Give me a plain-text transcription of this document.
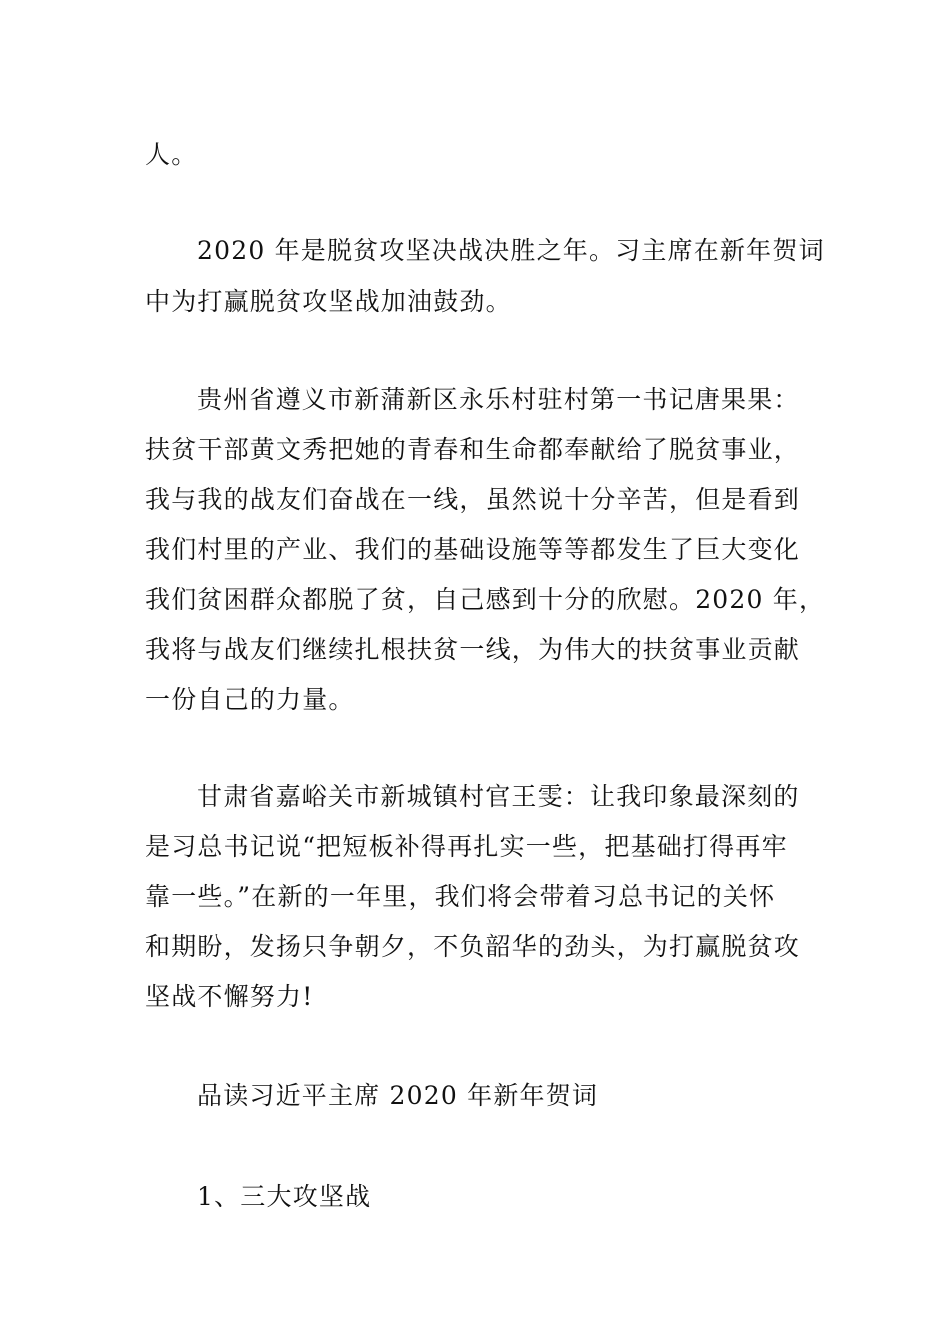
人。
2020 年是脱贫攻坚决战决胜之年。习主席在新年贺词
中为打赢脱贫攻坚战加油鼓劲。
贵州省遵义市新蒲新区永乐村驻村第一书记唐果果：
扶贫干部黄文秀把她的青春和生命都奉献给了脱贫事业，
我与我的战友们奋战在一线，虽然说十分辛苦，但是看到
我们村里的产业、我们的基础设施等等都发生了巨大变化
我们贫困群众都脱了贫，自己感到十分的欣慰。2020 年，
我将与战友们继续扎根扶贫一线，为伟大的扶贫事业贡献
一份自己的力量。
甘肃省嘉峪关市新城镇村官王雯：让我印象最深刻的
是习总书记说“把短板补得再扎实一些，把基础打得再牢
靠一些。”在新的一年里，我们将会带着习总书记的关怀
和期盼，发扬只争朝夕，不负韶华的劲头，为打赢脱贫攻
坚战不懈努力!
品读习近平主席 2020 年新年贺词
1、三大攻坚战
